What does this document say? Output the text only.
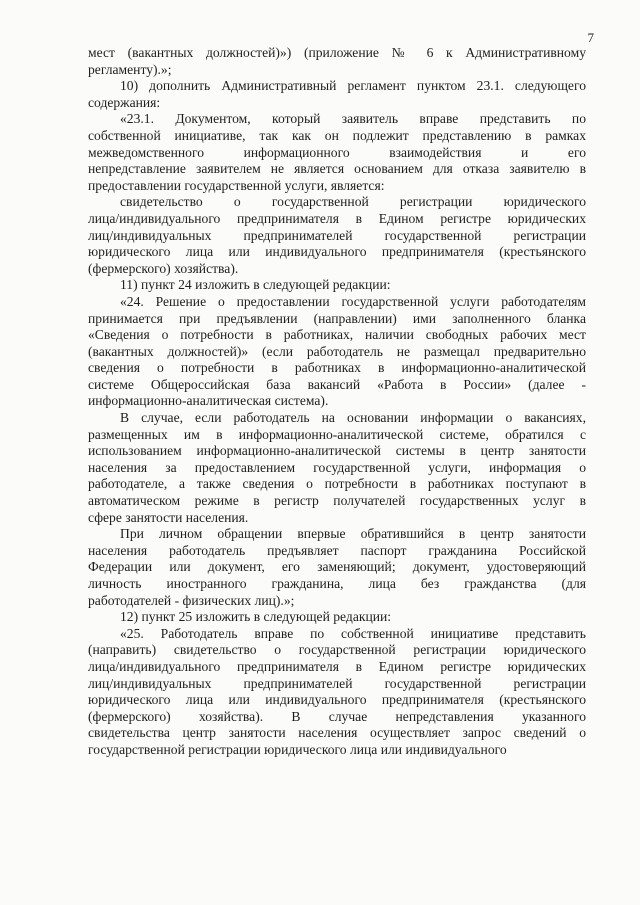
7

мест (вакантных должностей)») (приложение № 6 к Административному
регламенту).»;

10) дополнить Административный регламент пунктом 23.1. следующего
содержания:

«23.1. Документом, который заявитель вправе представить по
собственной инициативе, так как он подлежит представлению в рамках
межведомственного информационного взаимодействия и его
непредставление заявителем не является основанием для отказа заявителю в
предоставлении государственной услуги, является:

свидетельство о государственной регистрации юридического
лица/индивидуального предпринимателя в Едином регистре юридических
лиц/индивидуальных предпринимателей государственной регистрации
юридического лица или индивидуального предпринимателя (крестьянского
(фермерского) хозяйства).

11) пункт 24 изложить в следующей редакции:

«24. Решение о предоставлении государственной услуги работодателям
принимается при предъявлении (направлении) ими заполненного бланка
«Сведения о потребности в работниках, наличии свободных рабочих мест
(вакантных должностей)» (если работодатель не размещал предварительно
сведения о потребности в работниках в информационно-аналитической
системе Общероссийская база вакансий «Работа в России» (далее -
информационно-аналитическая система).

В случае, если работодатель на основании информации о вакансиях,
размещенных им в информационно-аналитической системе, обратился с
использованием информационно-аналитической системы в центр занятости
населения за предоставлением государственной услуги, информация о
работодателе, а также сведения о потребности в работниках поступают в
автоматическом режиме в регистр получателей государственных услуг в
сфере занятости населения.

При личном обращении впервые обратившийся в центр занятости
населения работодатель предъявляет паспорт гражданина Российской
Федерации или документ, его заменяющий; документ, удостоверяющий
личность иностранного гражданина, лица без гражданства (для
работодателей - физических лиц).»;

12) пункт 25 изложить в следующей редакции:

«25. Работодатель вправе по собственной инициативе представить
(направить) свидетельство о государственной регистрации юридического
лица/индивидуального предпринимателя в Едином регистре юридических
лиц/индивидуальных предпринимателей государственной регистрации
юридического лица или индивидуального предпринимателя (крестьянского
(фермерского) хозяйства). В случае непредставления указанного
свидетельства центр занятости населения осуществляет запрос сведений о
государственной регистрации юридического лица или индивидуального
